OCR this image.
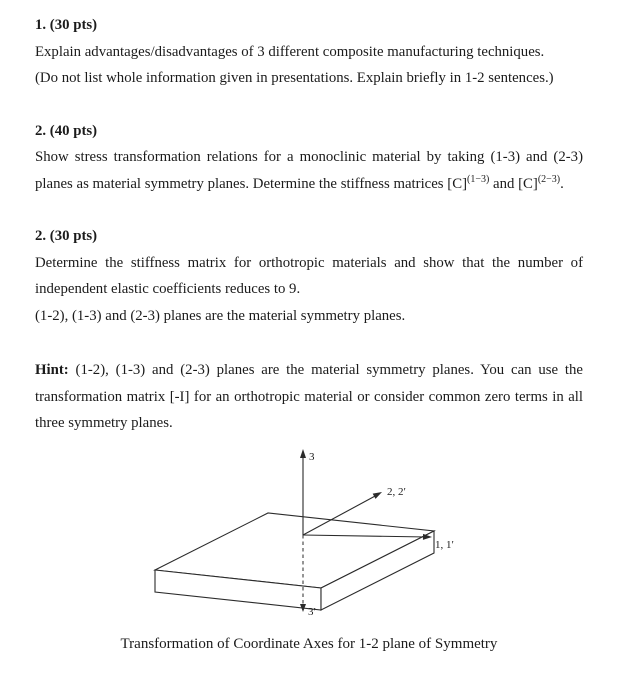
1. (30 pts)

Explain advantages/disadvantages of 3 different composite manufacturing techniques.

(Do not list whole information given in presentations. Explain briefly in 1-2 sentences.)

2. (40 pts)

Show stress transformation relations for a monoclinic material by taking (1-3) and (2-3) planes as material symmetry planes. Determine the stiffness matrices $[C]^{(1-3)}$ and $[C]^{(2-3)}$.

2. (30 pts)

Determine the stiffness matrix for orthotropic materials and show that the number of independent elastic coefficients reduces to 9.

(1-2), (1-3) and (2-3) planes are the material symmetry planes.

Hint: (1-2), (1-3) and (2-3) planes are the material symmetry planes. You can use the transformation matrix [-I] for an orthotropic material or consider common zero terms in all three symmetry planes.

3
2, 2′
1, 1′
3′

Transformation of Coordinate Axes for 1-2 plane of Symmetry
